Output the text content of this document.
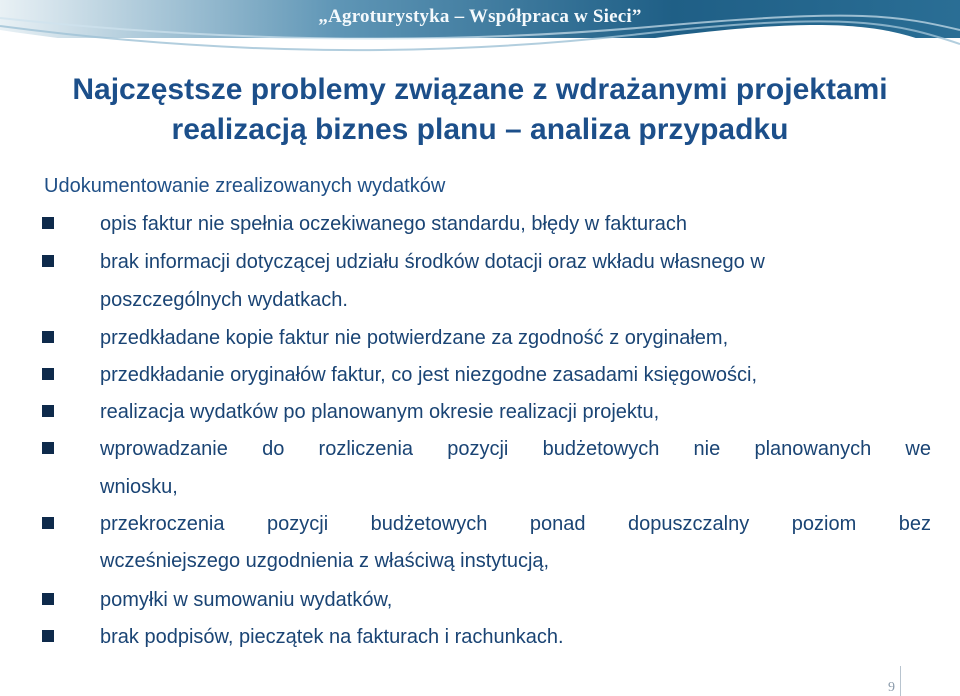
„Agroturystyka – Współpraca w Sieci”
Najczęstsze problemy związane z wdrażanymi projektami
realizacją biznes planu – analiza przypadku
Udokumentowanie zrealizowanych wydatków
opis faktur nie spełnia oczekiwanego standardu, błędy w fakturach
brak informacji dotyczącej udziału środków dotacji oraz wkładu własnego w
poszczególnych wydatkach.
przedkładane kopie faktur nie potwierdzane za zgodność z oryginałem,
przedkładanie oryginałów faktur, co jest niezgodne zasadami księgowości,
realizacja wydatków po planowanym okresie realizacji projektu,
wprowadzanie do rozliczenia pozycji budżetowych nie planowanych we
wniosku,
przekroczenia pozycji budżetowych ponad dopuszczalny poziom bez
wcześniejszego uzgodnienia z właściwą instytucją,
pomyłki w sumowaniu wydatków,
brak podpisów, pieczątek na fakturach i rachunkach.
9
